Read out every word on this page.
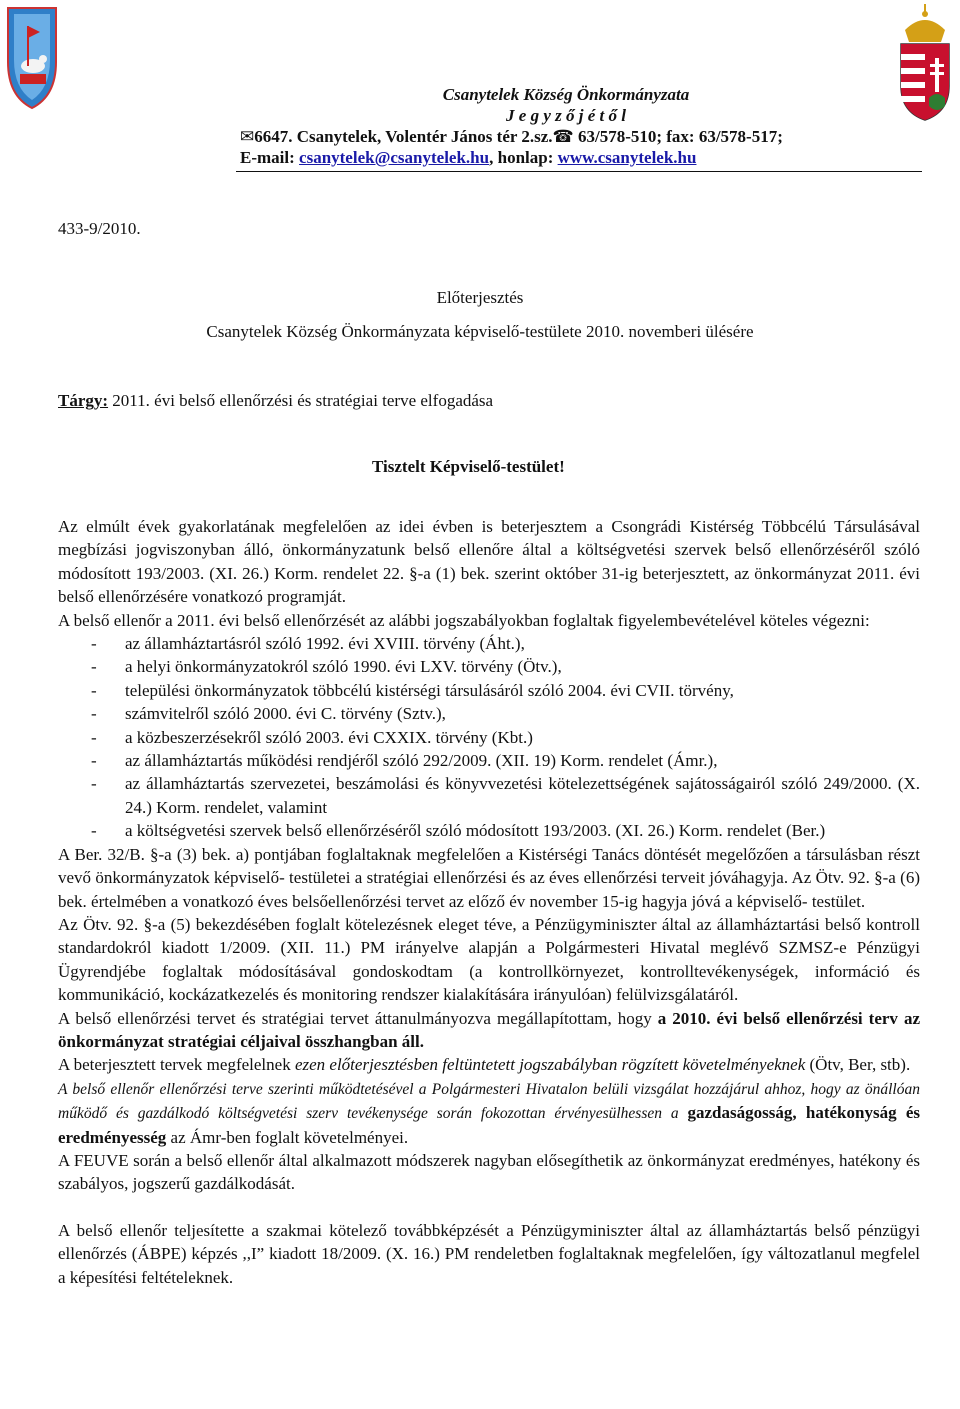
Csanytelek Község Önkormányzata
J e g y z ő j é t ő l
✉6647. Csanytelek, Volentér János tér 2.sz.☎ 63/578-510; fax: 63/578-517;
E-mail: csanytelek@csanytelek.hu, honlap: www.csanytelek.hu
433-9/2010.
Előterjesztés
Csanytelek Község Önkormányzata képviselő-testülete 2010. novemberi ülésére
Tárgy: 2011. évi belső ellenőrzési és stratégiai terve elfogadása
Tisztelt Képviselő-testület!

Az elmúlt évek gyakorlatának megfelelően az idei évben is beterjesztem a Csongrádi Kistérség Többcélú Társulásával megbízási jogviszonyban álló, önkormányzatunk belső ellenőre által a költségvetési szervek belső ellenőrzéséről szóló módosított 193/2003. (XI. 26.) Korm. rendelet 22. §-a (1) bek. szerint október 31-ig beterjesztett, az önkormányzat 2011. évi belső ellenőrzésére vonatkozó programját.

A belső ellenőr a 2011. évi belső ellenőrzését az alábbi jogszabályokban foglaltak figyelembevételével köteles végezni:

- az államháztartásról szóló 1992. évi XVIII. törvény (Áht.),
- a helyi önkormányzatokról szóló 1990. évi LXV. törvény (Ötv.),
- települési önkormányzatok többcélú kistérségi társulásáról szóló 2004. évi CVII. törvény,
- számvitelről szóló 2000. évi C. törvény (Sztv.),
- a közbeszerzésekről szóló 2003. évi CXXIX. törvény (Kbt.)
- az államháztartás működési rendjéről szóló 292/2009. (XII. 19) Korm. rendelet (Ámr.),
- az államháztartás szervezetei, beszámolási és könyvvezetési kötelezettségének sajátosságairól szóló 249/2000. (X. 24.) Korm. rendelet, valamint
- a költségvetési szervek belső ellenőrzéséről szóló módosított 193/2003. (XI. 26.) Korm. rendelet (Ber.)

A Ber. 32/B. §-a (3) bek. a) pontjában foglaltaknak megfelelően a Kistérségi Tanács döntését megelőzően a társulásban részt vevő önkormányzatok képviselő- testületei a stratégiai ellenőrzési és az éves ellenőrzési terveit jóváhagyja. Az Ötv. 92. §-a (6) bek. értelmében a vonatkozó éves belsőellenőrzési tervet az előző év november 15-ig hagyja jóvá a képviselő- testület.

Az Ötv. 92. §-a (5) bekezdésében foglalt kötelezésnek eleget téve, a Pénzügyminiszter által az államháztartási belső kontroll standardokról kiadott 1/2009. (XII. 11.) PM irányelve alapján a Polgármesteri Hivatal meglévő SZMSZ-e Pénzügyi Ügyrendjébe foglaltak módosításával gondoskodtam (a kontrollkörnyezet, kontrolltevékenységek, információ és kommunikáció, kockázatkezelés és monitoring rendszer kialakítására irányulóan) felülvizsgálatáról.

A belső ellenőrzési tervet és stratégiai tervet áttanulmányozva megállapítottam, hogy a 2010. évi belső ellenőrzési terv az önkormányzat stratégiai céljaival összhangban áll.

A beterjesztett tervek megfelelnek ezen előterjesztésben feltüntetett jogszabályban rögzített követelményeknek (Ötv, Ber, stb).

A belső ellenőr ellenőrzési terve szerinti működtetésével a Polgármesteri Hivatalon belüli vizsgálat hozzájárul ahhoz, hogy az önállóan működő és gazdálkodó költségvetési szerv tevékenysége során fokozottan érvényesülhessen a gazdaságosság, hatékonyság és eredményesség az Ámr-ben foglalt követelményei.

A FEUVE során a belső ellenőr által alkalmazott módszerek nagyban elősegíthetik az önkormányzat eredményes, hatékony és szabályos, jogszerű gazdálkodását.

A belső ellenőr teljesítette a szakmai kötelező továbbképzését a Pénzügyminiszter által az államháztartás belső pénzügyi ellenőrzés (ÁBPE) képzés ,,I” kiadott 18/2009. (X. 16.) PM rendeletben foglaltaknak megfelelően, így változatlanul megfelel a képesítési feltételeknek.
